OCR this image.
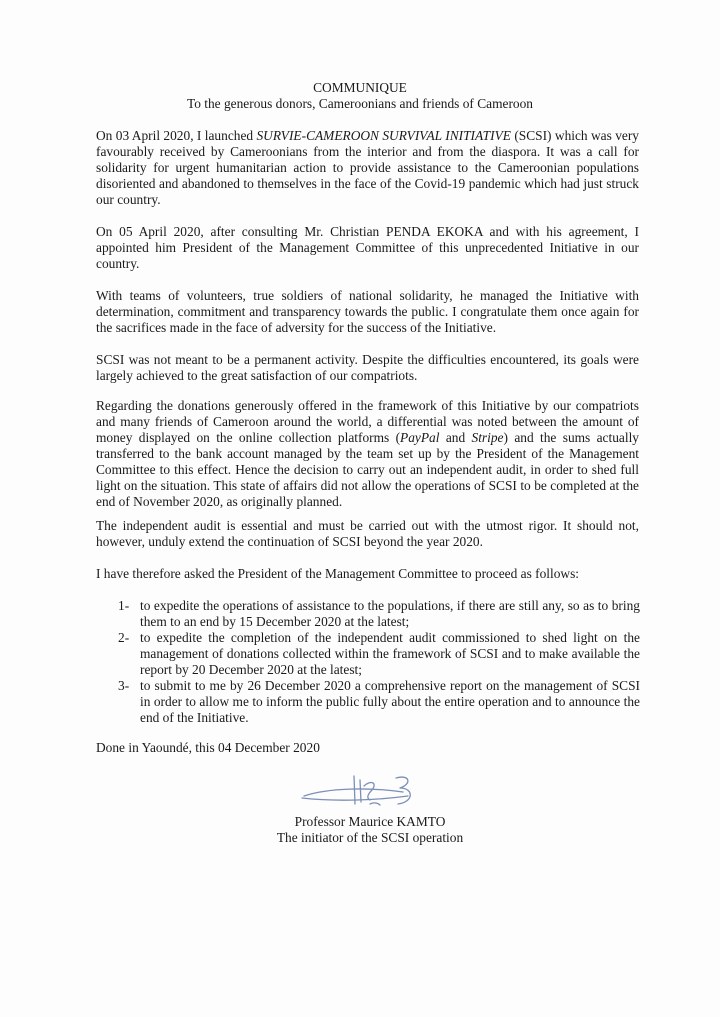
COMMUNIQUE
To the generous donors, Cameroonians and friends of Cameroon

On 03 April 2020, I launched SURVIE-CAMEROON SURVIVAL INITIATIVE (SCSI) which was very favourably received by Cameroonians from the interior and from the diaspora. It was a call for solidarity for urgent humanitarian action to provide assistance to the Cameroonian populations disoriented and abandoned to themselves in the face of the Covid-19 pandemic which had just struck our country.

On 05 April 2020, after consulting Mr. Christian PENDA EKOKA and with his agreement, I appointed him President of the Management Committee of this unprecedented Initiative in our country.

With teams of volunteers, true soldiers of national solidarity, he managed the Initiative with determination, commitment and transparency towards the public. I congratulate them once again for the sacrifices made in the face of adversity for the success of the Initiative.

SCSI was not meant to be a permanent activity. Despite the difficulties encountered, its goals were largely achieved to the great satisfaction of our compatriots.

Regarding the donations generously offered in the framework of this Initiative by our compatriots and many friends of Cameroon around the world, a differential was noted between the amount of money displayed on the online collection platforms (PayPal and Stripe) and the sums actually transferred to the bank account managed by the team set up by the President of the Management Committee to this effect. Hence the decision to carry out an independent audit, in order to shed full light on the situation. This state of affairs did not allow the operations of SCSI to be completed at the end of November 2020, as originally planned.

The independent audit is essential and must be carried out with the utmost rigor. It should not, however, unduly extend the continuation of SCSI beyond the year 2020.

I have therefore asked the President of the Management Committee to proceed as follows:

1- to expedite the operations of assistance to the populations, if there are still any, so as to bring them to an end by 15 December 2020 at the latest;
2- to expedite the completion of the independent audit commissioned to shed light on the management of donations collected within the framework of SCSI and to make available the report by 20 December 2020 at the latest;
3- to submit to me by 26 December 2020 a comprehensive report on the management of SCSI in order to allow me to inform the public fully about the entire operation and to announce the end of the Initiative.

Done in Yaoundé, this 04 December 2020

Professor Maurice KAMTO
The initiator of the SCSI operation
